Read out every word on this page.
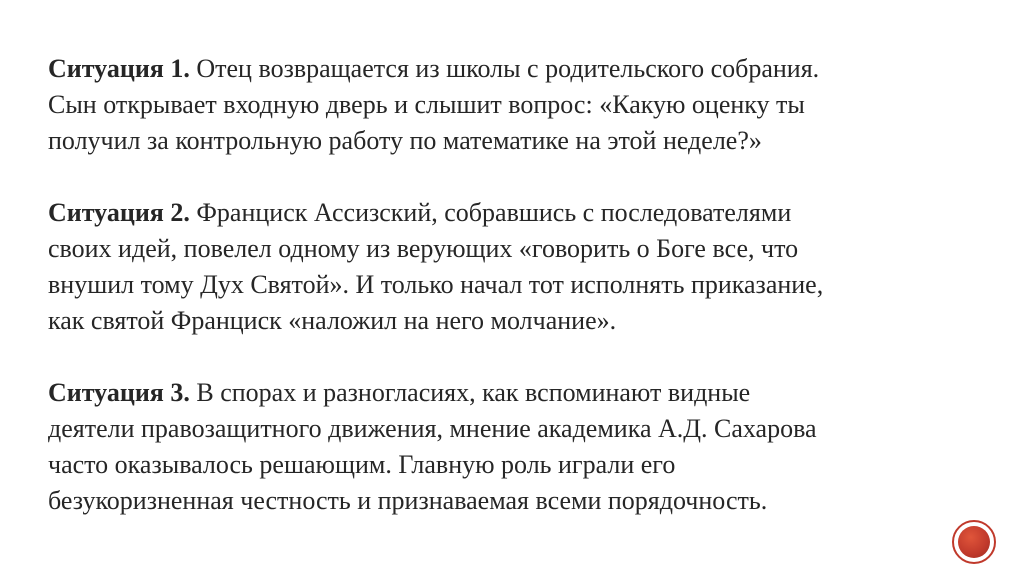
Ситуация 1. Отец возвращается из школы с родительского собрания.
Сын открывает входную дверь и слышит вопрос: «Какую оценку ты
получил за контрольную работу по математике на этой неделе?»
Ситуация 2. Франциск Ассизский, собравшись с последователями
своих идей, повелел одному из верующих «говорить о Боге все, что
внушил тому Дух Святой». И только начал тот исполнять приказание,
как святой Франциск «наложил на него молчание».
Ситуация 3. В спорах и разногласиях, как вспоминают видные
деятели правозащитного движения, мнение академика А.Д. Сахарова
часто оказывалось решающим. Главную роль играли его
безукоризненная честность и признаваемая всеми порядочность.
